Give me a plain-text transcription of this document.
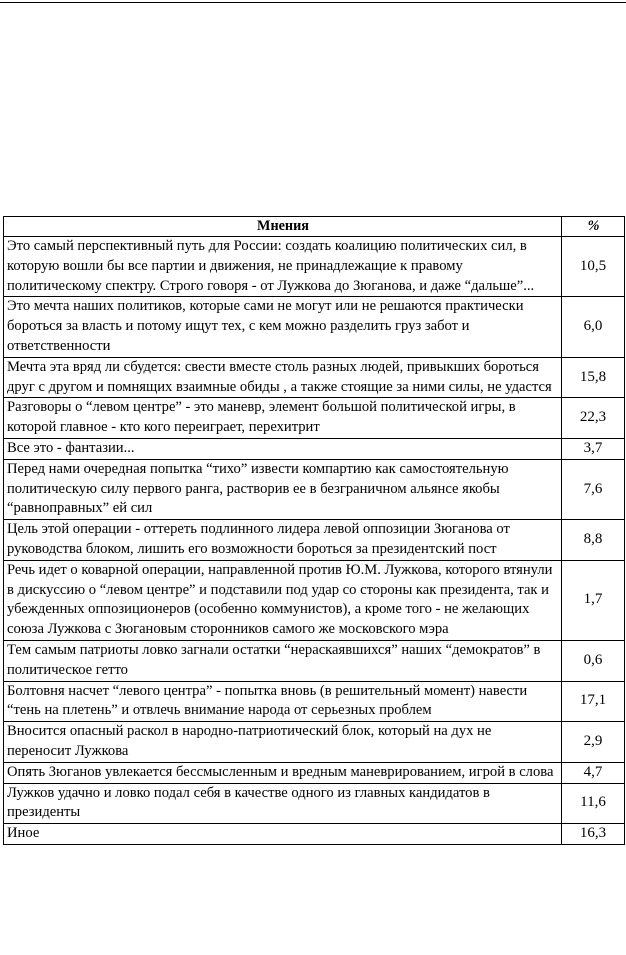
Мнения	%
Это самый перспективный путь для России: создать коалицию политических сил, в которую вошли бы все партии и движения, не принадлежащие к правому политическому спектру. Строго говоря - от Лужкова до Зюганова, и даже “дальше”...	10,5
Это мечта наших политиков, которые сами не могут или не решаются практически бороться за власть и потому ищут тех, с кем можно разделить груз забот и ответственности	6,0
Мечта эта вряд ли сбудется: свести вместе столь разных людей, привыкших бороться друг с другом и помнящих взаимные обиды , а также стоящие за ними силы, не удастся	15,8
Разговоры о “левом центре” - это маневр, элемент большой политической игры, в которой главное - кто кого переиграет, перехитрит	22,3
Все это - фантазии...	3,7
Перед нами очередная попытка “тихо” извести компартию как самостоятельную политическую силу первого ранга, растворив ее в безграничном альянсе якобы “равноправных” ей сил	7,6
Цель этой операции - оттереть подлинного лидера левой оппозиции Зюганова от руководства блоком, лишить его возможности бороться за президентский пост	8,8
Речь идет о коварной операции, направленной против Ю.М. Лужкова, которого втянули в дискуссию о “левом центре” и подставили под удар со стороны как президента, так и убежденных оппозиционеров (особенно коммунистов), а кроме того - не желающих союза Лужкова с Зюгановым сторонников самого же московского мэра	1,7
Тем самым патриоты ловко загнали остатки “нераскаявшихся” наших “демократов” в политическое гетто	0,6
Болтовня насчет “левого центра” - попытка вновь (в решительный момент) навести “тень на плетень” и отвлечь внимание народа от серьезных проблем	17,1
Вносится опасный раскол в народно-патриотический блок, который на дух не переносит Лужкова	2,9
Опять Зюганов увлекается бессмысленным и вредным маневрированием, игрой в слова	4,7
Лужков удачно и ловко подал себя в качестве одного из главных кандидатов в президенты	11,6
Иное	16,3
